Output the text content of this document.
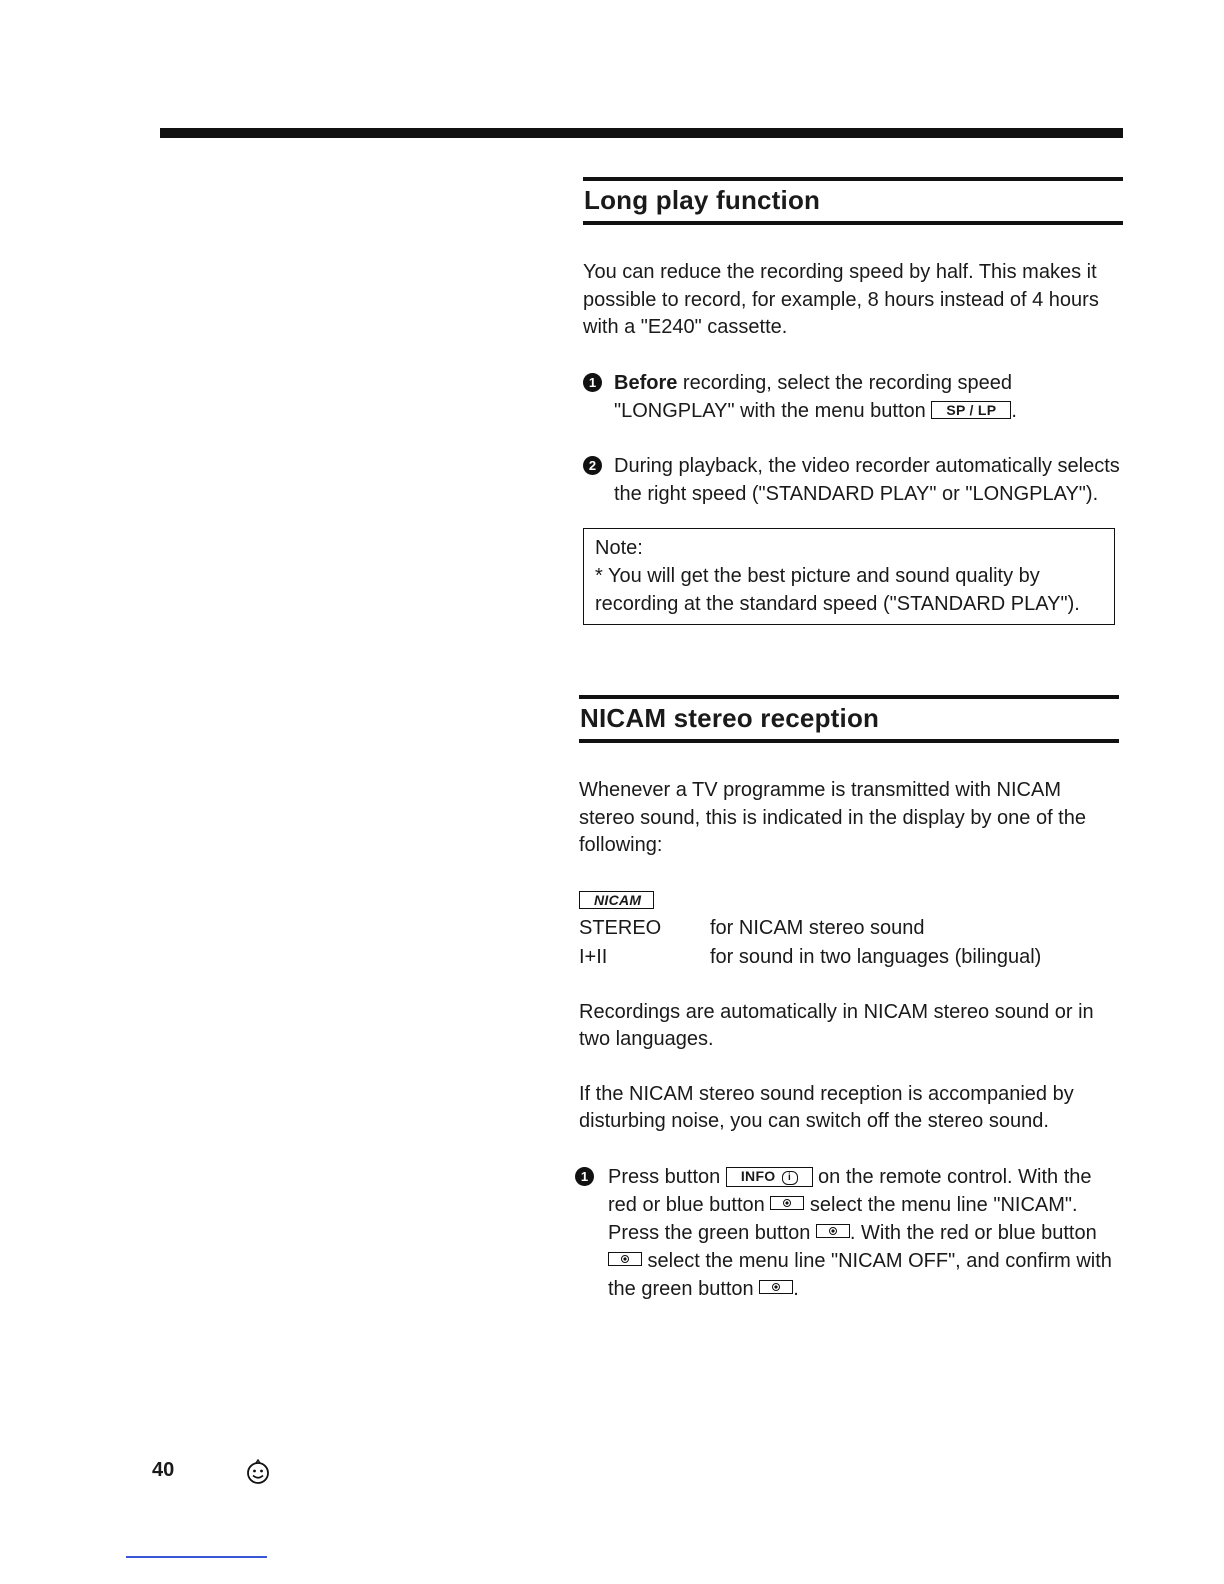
Long play function

You can reduce the recording speed by half. This makes it possible to record, for example, 8 hours instead of 4 hours with a "E240" cassette.

1 Before recording, select the recording speed "LONGPLAY" with the menu button SP / LP .
2 During playback, the video recorder automatically selects the right speed ("STANDARD PLAY" or "LONGPLAY").
Note:
* You will get the best picture and sound quality by recording at the standard speed ("STANDARD PLAY").
NICAM stereo reception

Whenever a TV programme is transmitted with NICAM stereo sound, this is indicated in the display by one of the following:

NICAM
STEREO	for NICAM stereo sound
I+II	for sound in two languages (bilingual)

Recordings are automatically in NICAM stereo sound or in two languages.

If the NICAM stereo sound reception is accompanied by disturbing noise, you can switch off the stereo sound.

1 Press button INFO i on the remote control. With the red or blue button  select the menu line "NICAM". Press the green button . With the red or blue button  select the menu line "NICAM OFF", and confirm with the green button .
40
